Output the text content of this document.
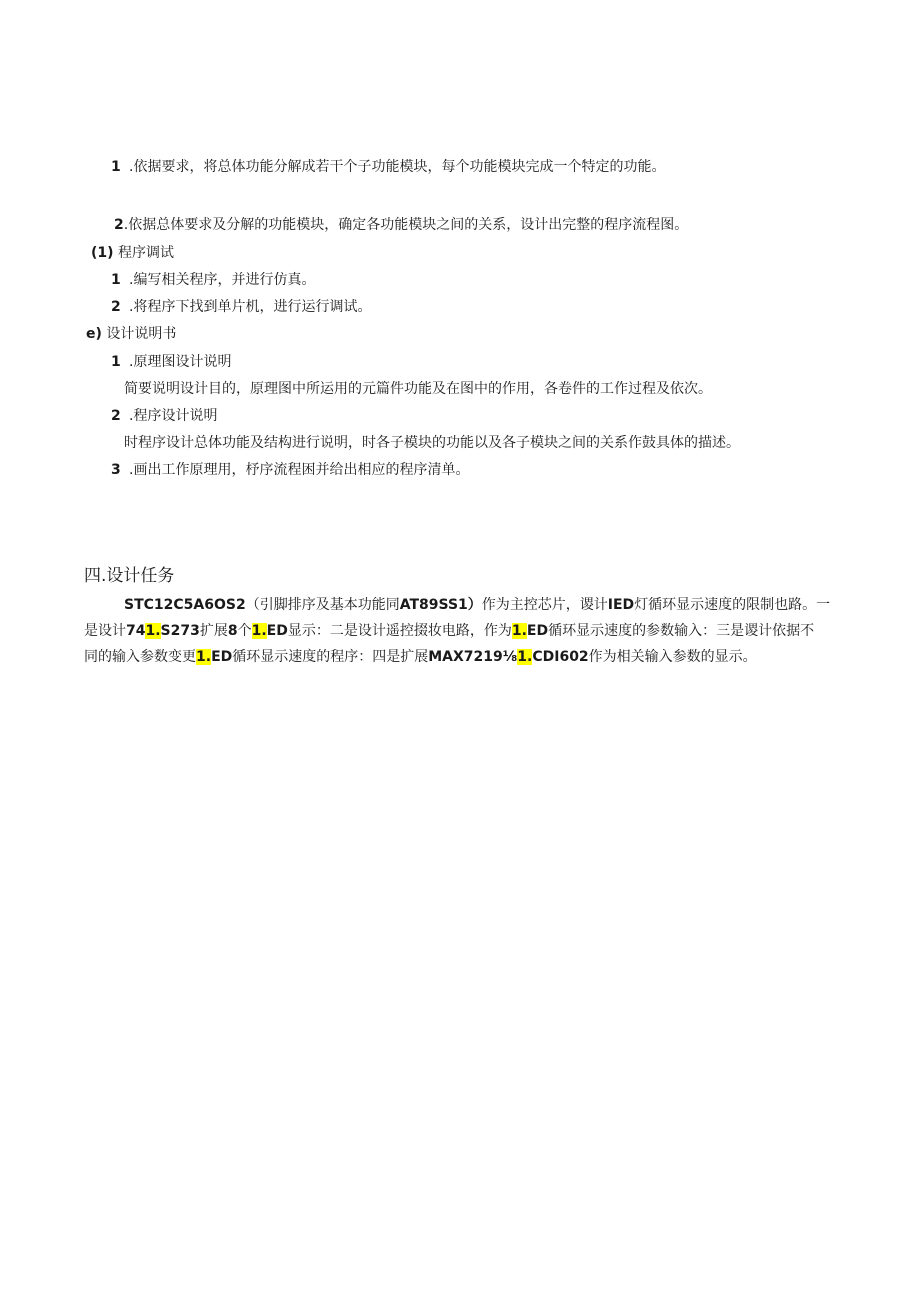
1 .依据要求，将总体功能分解成若干个子功能模块，每个功能模块完成一个特定的功能。
2.依据总体要求及分解的功能模块，确定各功能模块之间的关系，设计出完整的程序流程图。
(1) 程序调试
1 .编写相关程序，并进行仿真。
2 .将程序下找到单片机，进行运行调试。
e) 设计说明书
1 .原理图设计说明
简要说明设计目的，原理图中所运用的元篇件功能及在图中的作用，各卷件的工作过程及依次。
2 .程序设计说明
时程序设计总体功能及结构进行说明，时各子模块的功能以及各子模块之间的关系作鼓具体的描述。
3 .画出工作原理用，杼序流程困并给出相应的程序清单。
四.设计任务
STC12C5A6OS2（引脚排序及基本功能同AT89SS1）作为主控芯片，谡计IED灯循环显示速度的限制也路。一
是设计741.S273扩展8个1.ED显示：二是设计遥控掇妆电路，作为1.ED循环显示速度的参数输入：三是谡计依据不
同的输入参数变更1.ED循环显示速度的程序：四是扩展MAX7219⅛1.CDI602作为相关输入参数的显示。
